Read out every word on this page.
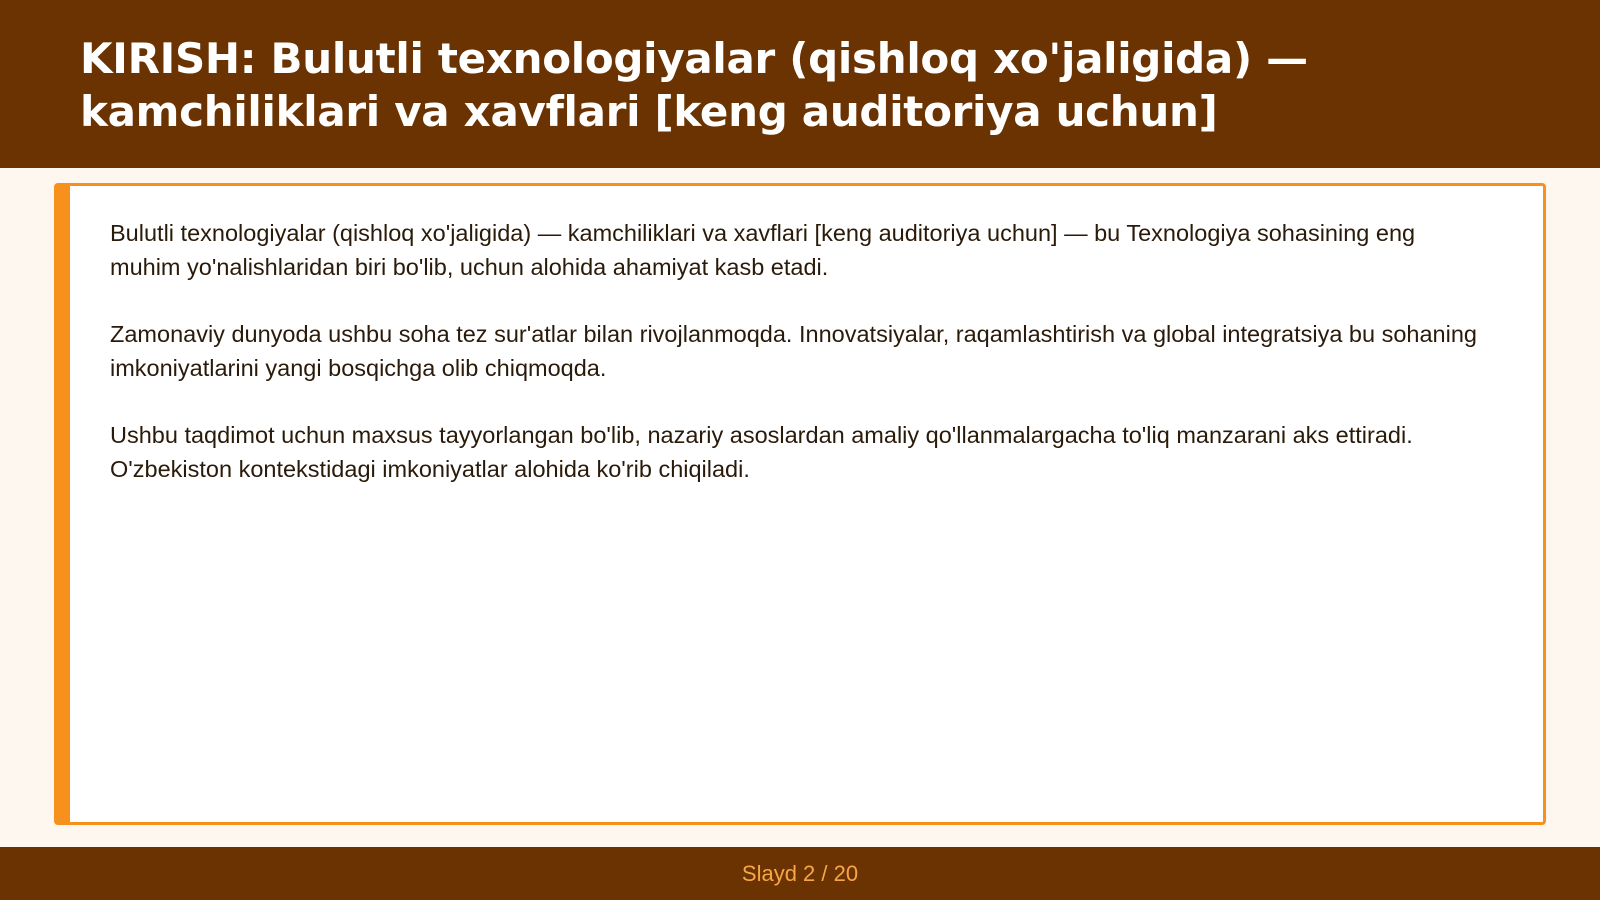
KIRISH: Bulutli texnologiyalar (qishloq xo'jaligida) — kamchiliklari va xavflari [keng auditoriya uchun]

Bulutli texnologiyalar (qishloq xo'jaligida) — kamchiliklari va xavflari [keng auditoriya uchun] — bu Texnologiya sohasining eng muhim yo'nalishlaridan biri bo'lib, uchun alohida ahamiyat kasb etadi.

Zamonaviy dunyoda ushbu soha tez sur'atlar bilan rivojlanmoqda. Innovatsiyalar, raqamlashtirish va global integratsiya bu sohaning imkoniyatlarini yangi bosqichga olib chiqmoqda.

Ushbu taqdimot uchun maxsus tayyorlangan bo'lib, nazariy asoslardan amaliy qo'llanmalargacha to'liq manzarani aks ettiradi. O'zbekiston kontekstidagi imkoniyatlar alohida ko'rib chiqiladi.

Slayd 2 / 20
